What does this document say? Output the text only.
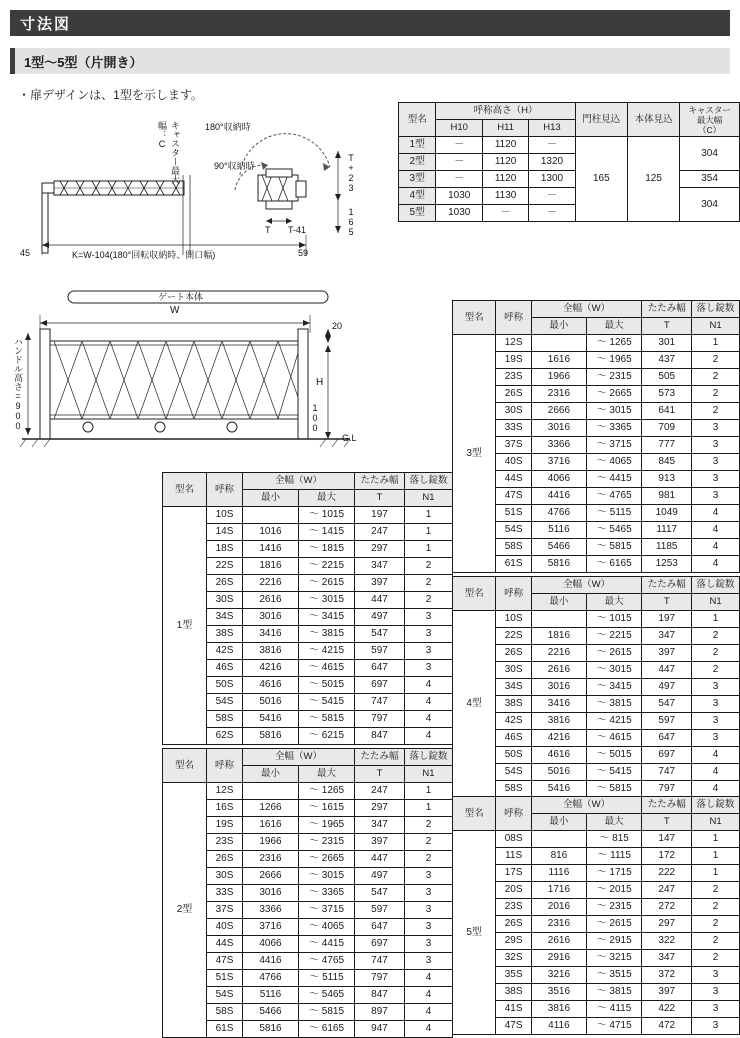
寸法図
1型～5型（片開き）
・扉デザインは、1型を示します。
型名	呼称高さ（H）			門柱見込	本体見込	キャスター
最大幅
（C）
	H10	H11	H13			
1型	－	1120	－	165	125	304
2型	－	1120	1320			
3型	－	1120	1300			354
4型	1030	1130	－			304
5型	1030	－	－			
180°収納時
90°収納時
キャスター最大幅：C
T+23
165
T T-41
45	59
K=W-104(180°回転収納時、開口幅)
ゲート本体
W
20
100
G.L
H
ハンドル高さ=900
型名	呼称	全幅（W）		たたみ幅	落し錠数
		最小	最大	T	N1
1型	10S		～ 1015	197	1
	14S	1016	～ 1415	247	1
	18S	1416	～ 1815	297	1
	22S	1816	～ 2215	347	2
	26S	2216	～ 2615	397	2
	30S	2616	～ 3015	447	2
	34S	3016	～ 3415	497	3
	38S	3416	～ 3815	547	3
	42S	3816	～ 4215	597	3
	46S	4216	～ 4615	647	3
	50S	4616	～ 5015	697	4
	54S	5016	～ 5415	747	4
	58S	5416	～ 5815	797	4
	62S	5816	～ 6215	847	4
型名	呼称	全幅（W）		たたみ幅	落し錠数
		最小	最大	T	N1
2型	12S		～ 1265	247	1
	16S	1266	～ 1615	297	1
	19S	1616	～ 1965	347	2
	23S	1966	～ 2315	397	2
	26S	2316	～ 2665	447	2
	30S	2666	～ 3015	497	3
	33S	3016	～ 3365	547	3
	37S	3366	～ 3715	597	3
	40S	3716	～ 4065	647	3
	44S	4066	～ 4415	697	3
	47S	4416	～ 4765	747	3
	51S	4766	～ 5115	797	4
	54S	5116	～ 5465	847	4
	58S	5466	～ 5815	897	4
	61S	5816	～ 6165	947	4
型名	呼称	全幅（W）		たたみ幅	落し錠数
		最小	最大	T	N1
3型	12S		～ 1265	301	1
	19S	1616	～ 1965	437	2
	23S	1966	～ 2315	505	2
	26S	2316	～ 2665	573	2
	30S	2666	～ 3015	641	2
	33S	3016	～ 3365	709	3
	37S	3366	～ 3715	777	3
	40S	3716	～ 4065	845	3
	44S	4066	～ 4415	913	3
	47S	4416	～ 4765	981	3
	51S	4766	～ 5115	1049	4
	54S	5116	～ 5465	1117	4
	58S	5466	～ 5815	1185	4
	61S	5816	～ 6165	1253	4
型名	呼称	全幅（W）		たたみ幅	落し錠数
		最小	最大	T	N1
4型	10S		～ 1015	197	1
	22S	1816	～ 2215	347	2
	26S	2216	～ 2615	397	2
	30S	2616	～ 3015	447	2
	34S	3016	～ 3415	497	3
	38S	3416	～ 3815	547	3
	42S	3816	～ 4215	597	3
	46S	4216	～ 4615	647	3
	50S	4616	～ 5015	697	4
	54S	5016	～ 5415	747	4
	58S	5416	～ 5815	797	4
型名	呼称	全幅（W）		たたみ幅	落し錠数
		最小	最大	T	N1
5型	08S		～ 815	147	1
	11S	816	～ 1115	172	1
	17S	1116	～ 1715	222	1
	20S	1716	～ 2015	247	2
	23S	2016	～ 2315	272	2
	26S	2316	～ 2615	297	2
	29S	2616	～ 2915	322	2
	32S	2916	～ 3215	347	2
	35S	3216	～ 3515	372	3
	38S	3516	～ 3815	397	3
	41S	3816	～ 4115	422	3
	47S	4116	～ 4715	472	3
